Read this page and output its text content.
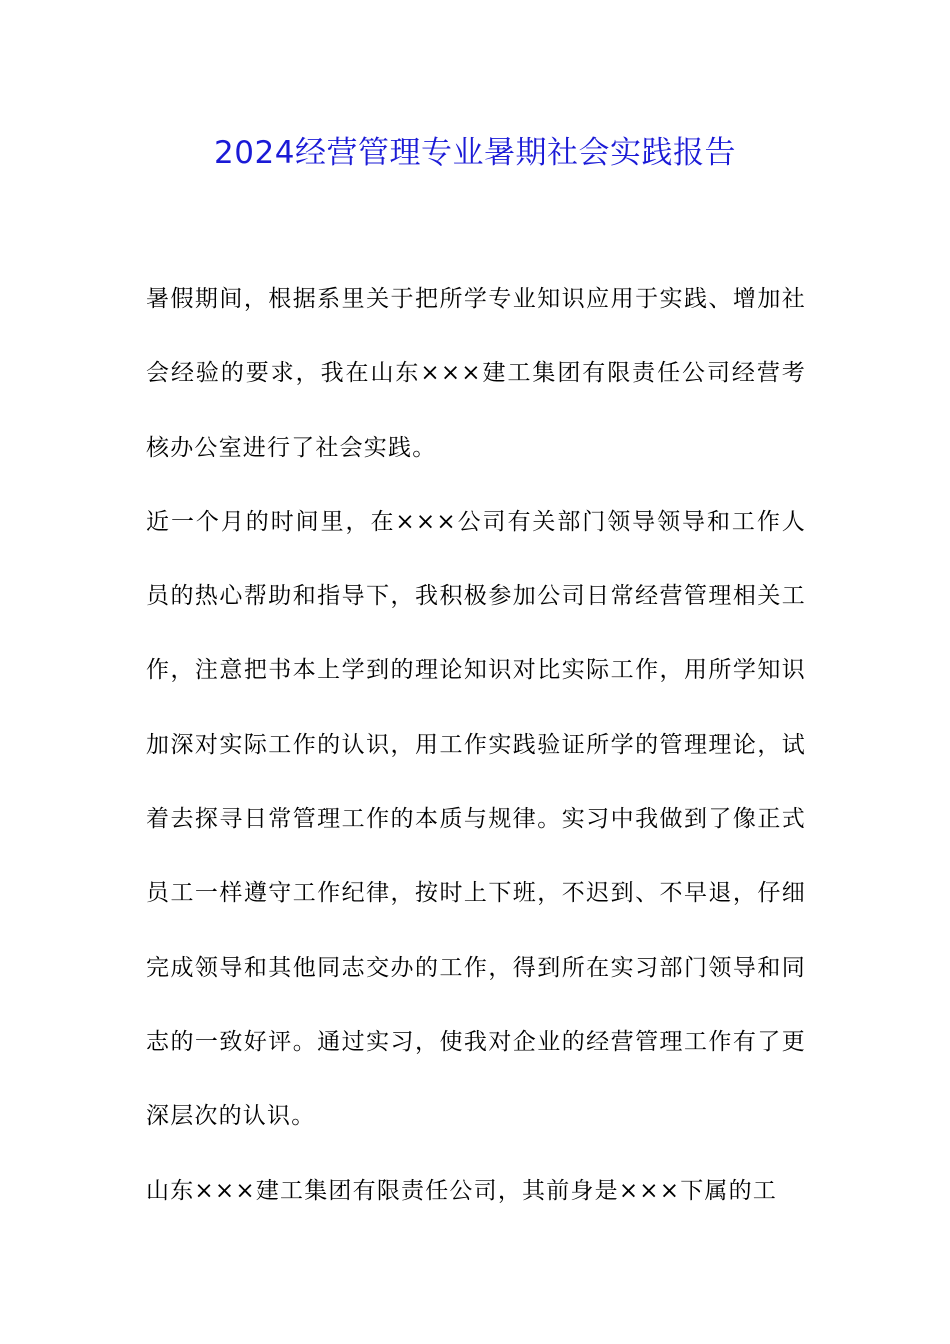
2024经营管理专业暑期社会实践报告

暑假期间，根据系里关于把所学专业知识应用于实践、增加社会经验的要求，我在山东×××建工集团有限责任公司经营考核办公室进行了社会实践。

近一个月的时间里，在×××公司有关部门领导领导和工作人员的热心帮助和指导下，我积极参加公司日常经营管理相关工作，注意把书本上学到的理论知识对比实际工作，用所学知识加深对实际工作的认识，用工作实践验证所学的管理理论，试着去探寻日常管理工作的本质与规律。实习中我做到了像正式员工一样遵守工作纪律，按时上下班，不迟到、不早退，仔细完成领导和其他同志交办的工作，得到所在实习部门领导和同志的一致好评。通过实习，使我对企业的经营管理工作有了更深层次的认识。

山东×××建工集团有限责任公司，其前身是×××下属的工
